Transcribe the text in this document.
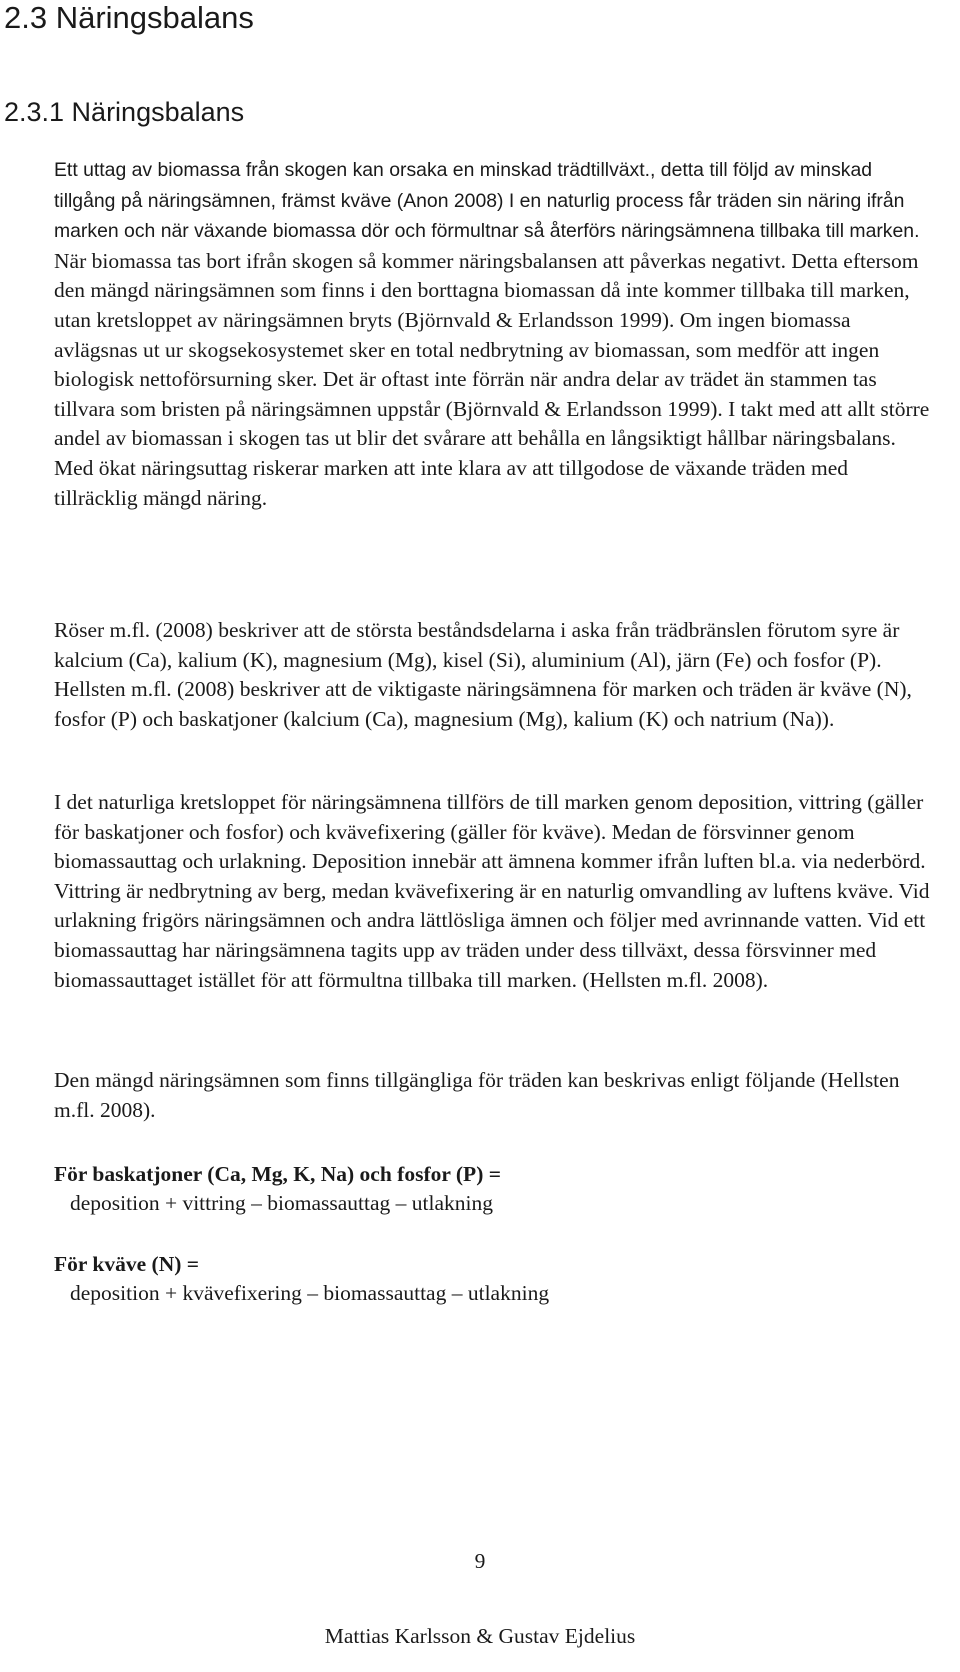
2.3 Näringsbalans
2.3.1 Näringsbalans

Ett uttag av biomassa från skogen kan orsaka en minskad trädtillväxt., detta till följd av minskad tillgång på näringsämnen, främst kväve (Anon 2008) I en naturlig process får träden sin näring ifrån marken och när växande biomassa dör och förmultnar så återförs näringsämnena tillbaka till marken. När biomassa tas bort ifrån skogen så kommer näringsbalansen att påverkas negativt. Detta eftersom den mängd näringsämnen som finns i den borttagna biomassan då inte kommer tillbaka till marken, utan kretsloppet av näringsämnen bryts (Björnvald & Erlandsson 1999). Om ingen biomassa avlägsnas ut ur skogsekosystemet sker en total nedbrytning av biomassan, som medför att ingen biologisk nettoförsurning sker. Det är oftast inte förrän när andra delar av trädet än stammen tas tillvara som bristen på näringsämnen uppstår (Björnvald & Erlandsson 1999). I takt med att allt större andel av biomassan i skogen tas ut blir det svårare att behålla en långsiktigt hållbar näringsbalans. Med ökat näringsuttag riskerar marken att inte klara av att tillgodose de växande träden med tillräcklig mängd näring.

Röser m.fl. (2008) beskriver att de största beståndsdelarna i aska från trädbränslen förutom syre är kalcium (Ca), kalium (K), magnesium (Mg), kisel (Si), aluminium (Al), järn (Fe) och fosfor (P). Hellsten m.fl. (2008) beskriver att de viktigaste näringsämnena för marken och träden är kväve (N), fosfor (P) och baskatjoner (kalcium (Ca), magnesium (Mg), kalium (K) och natrium (Na)).

I det naturliga kretsloppet för näringsämnena tillförs de till marken genom deposition, vittring (gäller för baskatjoner och fosfor) och kvävefixering (gäller för kväve). Medan de försvinner genom biomassauttag och urlakning. Deposition innebär att ämnena kommer ifrån luften bl.a. via nederbörd. Vittring är nedbrytning av berg, medan kvävefixering är en naturlig omvandling av luftens kväve. Vid urlakning frigörs näringsämnen och andra lättlösliga ämnen och följer med avrinnande vatten. Vid ett biomassauttag har näringsämnena tagits upp av träden under dess tillväxt, dessa försvinner med biomassauttaget istället för att förmultna tillbaka till marken. (Hellsten m.fl. 2008).

Den mängd näringsämnen som finns tillgängliga för träden kan beskrivas enligt följande (Hellsten m.fl. 2008).

För baskatjoner (Ca, Mg, K, Na) och fosfor (P) =

deposition + vittring – biomassauttag – utlakning

För kväve (N) =

deposition + kvävefixering – biomassauttag – utlakning

9
Mattias Karlsson & Gustav Ejdelius
